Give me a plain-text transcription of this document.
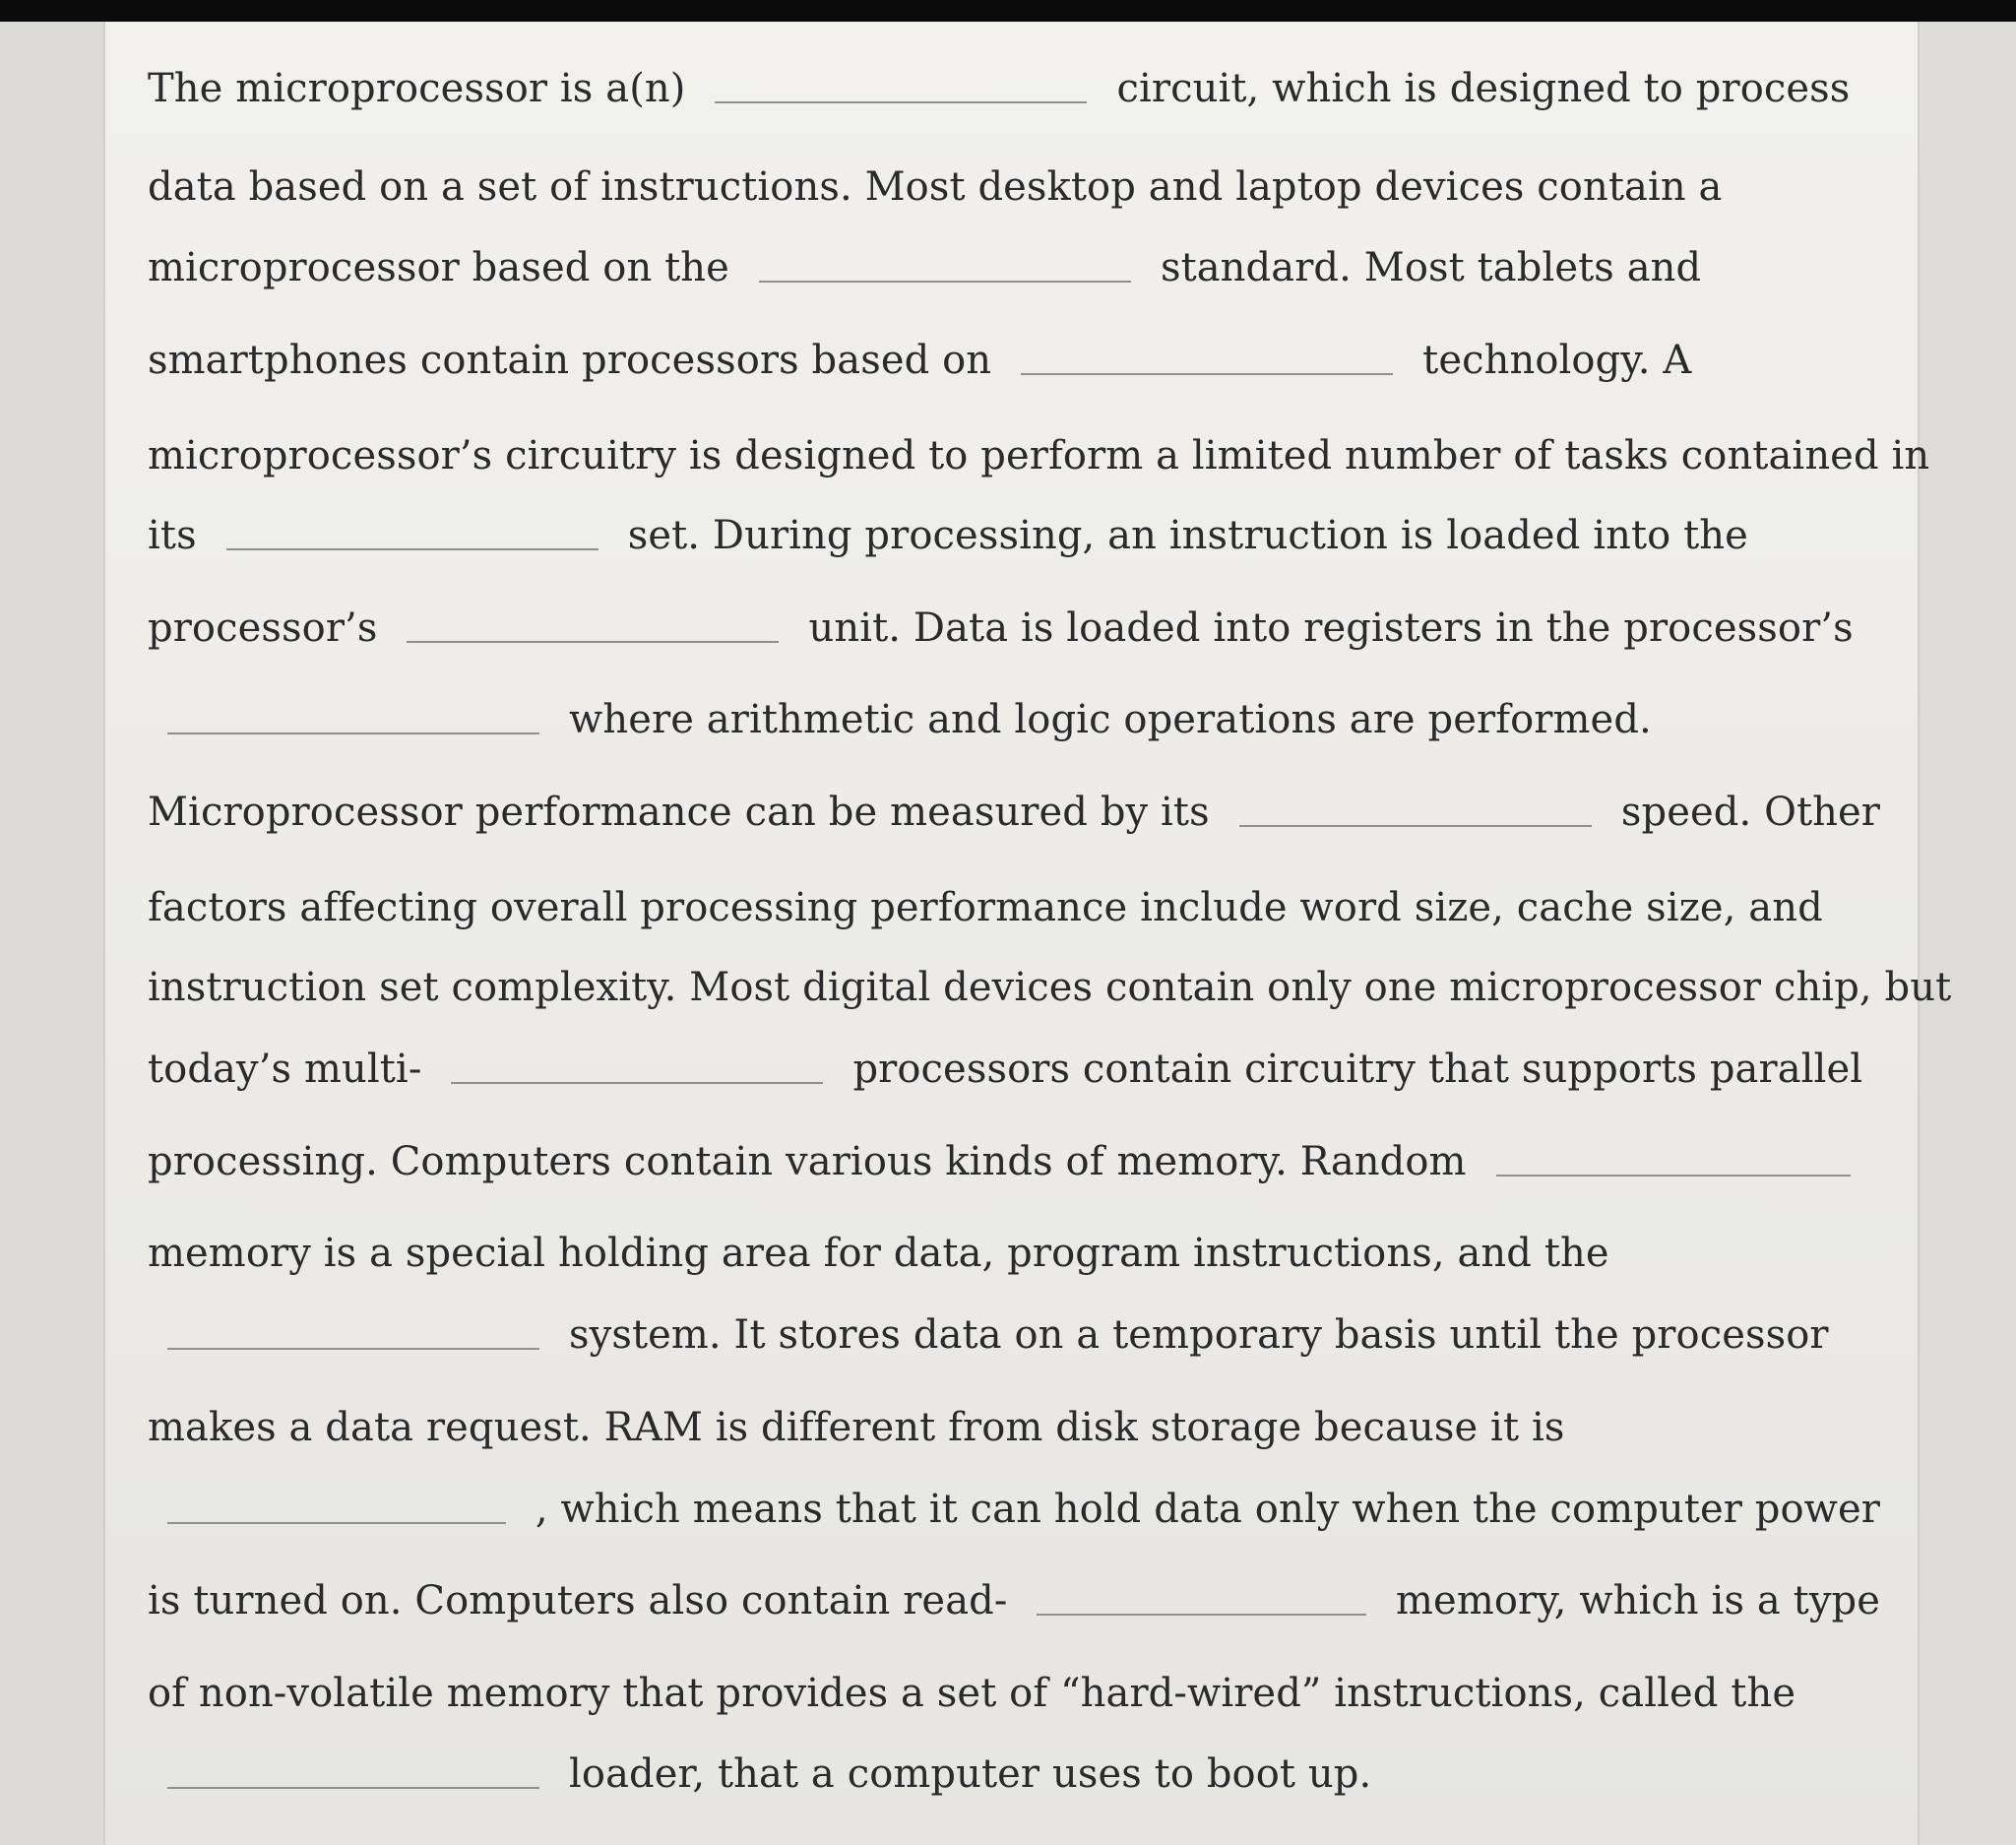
The microprocessor is a(n)	circuit, which is designed to process
data based on a set of instructions. Most desktop and laptop devices contain a
microprocessor based on the	standard. Most tablets and
smartphones contain processors based on	technology. A
microprocessor’s circuitry is designed to perform a limited number of tasks contained in
its	set. During processing, an instruction is loaded into the
processor’s	unit. Data is loaded into registers in the processor’s
where arithmetic and logic operations are performed.
Microprocessor performance can be measured by its	speed. Other
factors affecting overall processing performance include word size, cache size, and
instruction set complexity. Most digital devices contain only one microprocessor chip, but
today’s multi-	processors contain circuitry that supports parallel
processing. Computers contain various kinds of memory. Random
memory is a special holding area for data, program instructions, and the
system. It stores data on a temporary basis until the processor
makes a data request. RAM is different from disk storage because it is
, which means that it can hold data only when the computer power
is turned on. Computers also contain read-	memory, which is a type
of non-volatile memory that provides a set of “hard-wired” instructions, called the
loader, that a computer uses to boot up.
